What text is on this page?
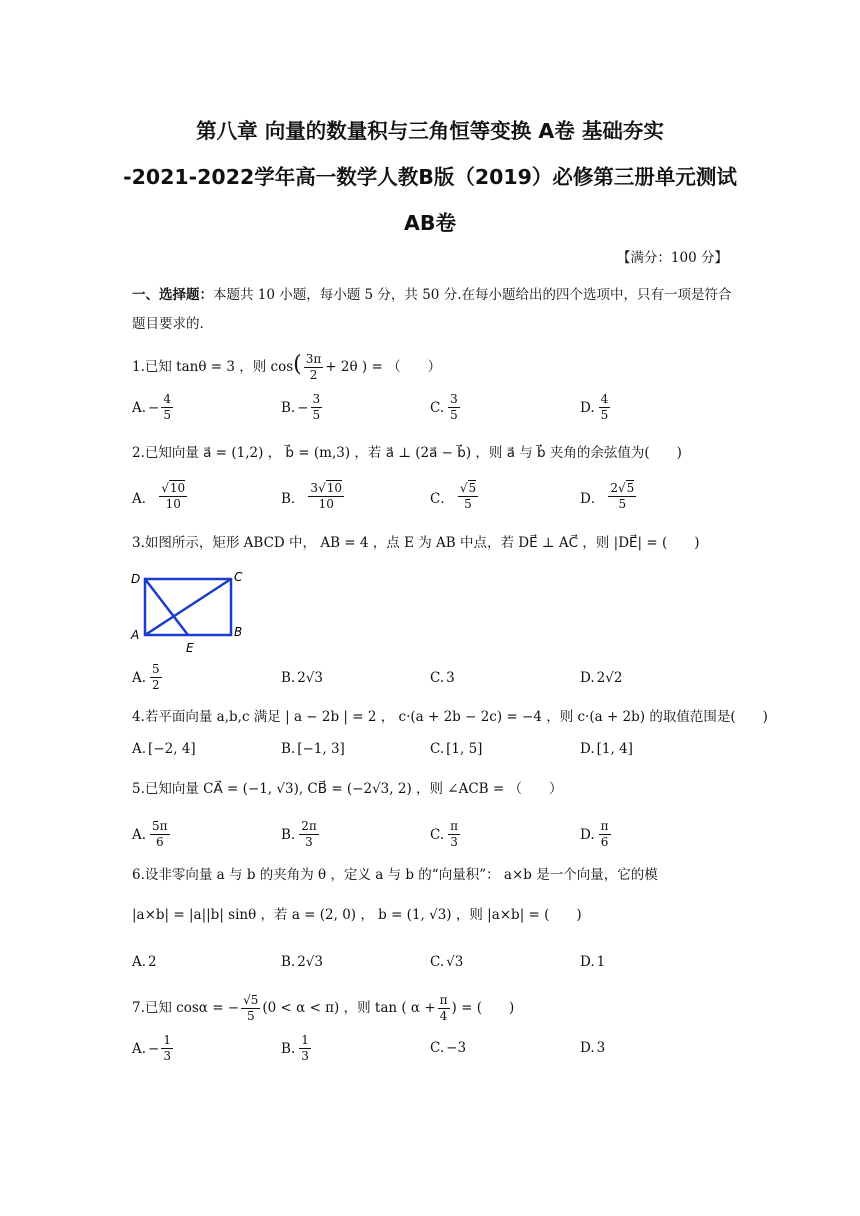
第八章 向量的数量积与三角恒等变换 A卷 基础夯实
-2021-2022学年高一数学人教B版（2019）必修第三册单元测试
AB卷
【满分：100 分】
一、选择题：本题共 10 小题，每小题 5 分，共 50 分.在每小题给出的四个选项中，只有一项是符合题目要求的.
1.已知 tanθ = 3 ，则 $\cos( \frac{3\pi}{2} + 2\theta$ ) = （　　）
A. − $\frac{4}{5}$	B. − $\frac{3}{5}$	C. $\frac{3}{5}$	D. $\frac{4}{5}$
2.已知向量 a⃗ = (1,2) ， b⃗ = (m,3) ，若 a⃗ ⊥ (2a⃗ − b⃗) ，则 a⃗ 与 b⃗ 夹角的余弦值为(　　)
A． $\frac{√10}{10}$	B． $\frac{3√10}{10}$	C． $\frac{√5}{5}$	D． $\frac{2√5}{5}$
3.如图所示，矩形 ABCD 中， AB = 4 ，点 E 为 AB 中点，若 DE⃗ ⊥ AC⃗ ，则 |DE⃗| = (　　)
D	C
A	B
E
A. $\frac{5}{2}$	B. 2√3	C. 3	D. 2√2
4.若平面向量 a,b,c 满足 | a − 2b | = 2 ， c·(a + 2b − 2c) = −4 ，则 c·(a + 2b) 的取值范围是(　　)
A. [−2, 4]	B. [−1, 3]	C. [1, 5]	D. [1, 4]
5.已知向量 CA⃗ = (−1, √3), CB⃗ = (−2√3, 2) ，则 ∠ACB = （　　）
A. $\frac{5\pi}{6}$	B. $\frac{2\pi}{3}$	C. $\frac{\pi}{3}$	D. $\frac{\pi}{6}$
6.设非零向量 a 与 b 的夹角为 θ ，定义 a 与 b 的“向量积”： a×b 是一个向量，它的模
|a×b| = |a||b| sinθ ，若 a = (2, 0) ， b = (1, √3) ，则 |a×b| = (　　)
A. 2	B. 2√3	C. √3	D. 1
7.已知 cosα = − $\frac{√5}{5} (0 < \alpha < \pi)$ ，则 tan ( $\alpha + \frac{\pi}{4}$ ) = (　　)
A. − $\frac{1}{3}$	B. $\frac{1}{3}$	C. −3	D. 3
